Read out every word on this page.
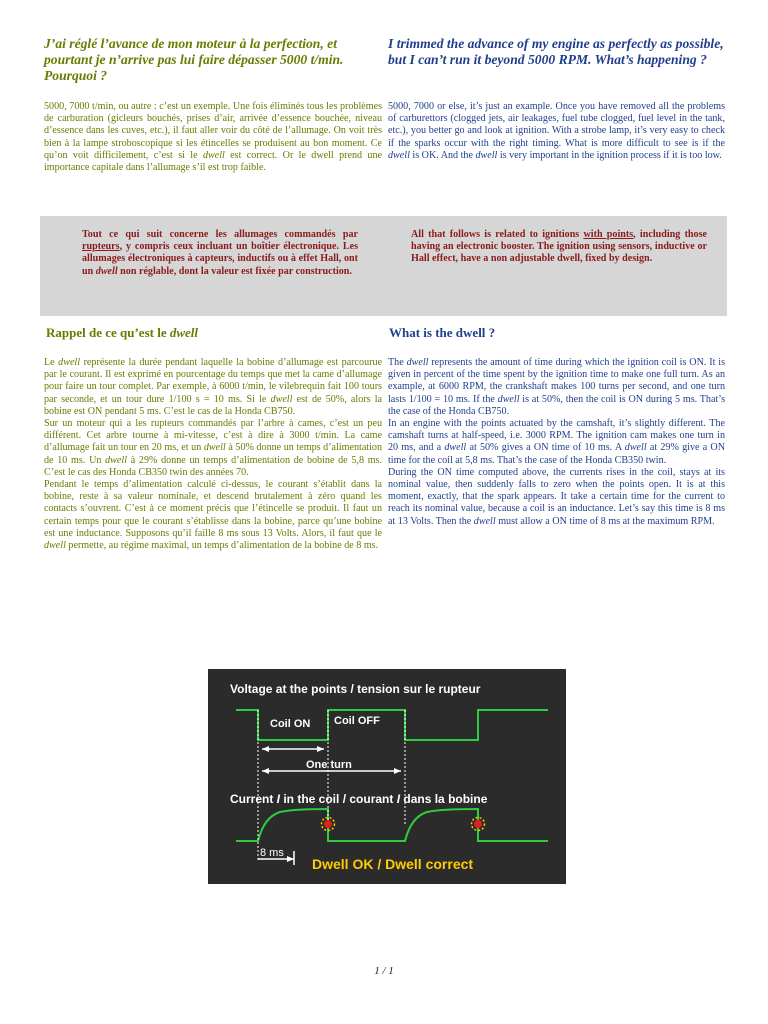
J’ai réglé l’avance de mon moteur à la perfection, et pourtant je n’arrive pas lui faire dépasser 5000 t/min. Pourquoi ?
I trimmed the advance of my engine as perfectly as possible, but I can’t run it beyond 5000 RPM. What’s happening ?

5000, 7000 t/min, ou autre : c’est un exemple. Une fois éliminés tous les problèmes de carburation (gicleurs bouchés, prises d’air, arrivée d’essence bouchée, niveau d’essence dans les cuves, etc.), il faut aller voir du côté de l’allumage. On voit très bien à la lampe stroboscopique si les étincelles se produisent au bon moment. Ce qu’on voit difficilement, c’est si le dwell est correct. Or le dwell prend une importance capitale dans l’allumage s’il est trop faible.

5000, 7000 or else, it’s just an example. Once you have removed all the problems of carburettors (clogged jets, air leakages, fuel tube clogged, fuel level in the tank, etc.), you better go and look at ignition. With a strobe lamp, it’s very easy to check if the sparks occur with the right timing. What is more difficult to see is if the dwell is OK. And the dwell is very important in the ignition process if it is too low.

Tout ce qui suit concerne les allumages commandés par rupteurs, y compris ceux incluant un boîtier électronique. Les allumages électroniques à capteurs, inductifs ou à effet Hall, ont un dwell non réglable, dont la valeur est fixée par construction.
All that follows is related to ignitions with points, including those having an electronic booster. The ignition using sensors, inductive or Hall effect, have a non adjustable dwell, fixed by design.
Rappel de ce qu’est le dwell	What is the dwell ?

Le dwell représente la durée pendant laquelle la bobine d’allumage est parcourue par le courant. Il est exprimé en pourcentage du temps que met la came d’allumage pour faire un tour complet. Par exemple, à 6000 t/min, le vilebrequin fait 100 tours par seconde, et un tour dure 1/100 s = 10 ms. Si le dwell est de 50%, alors la bobine est ON pendant 5 ms. C’est le cas de la Honda CB750.

Sur un moteur qui a les rupteurs commandés par l’arbre à cames, c’est un peu différent. Cet arbre tourne à mi-vitesse, c’est à dire à 3000 t/min. La came d’allumage fait un tour en 20 ms, et un dwell à 50% donne un temps d’alimentation de 10 ms. Un dwell à 29% donne un temps d’alimentation de bobine de 5,8 ms. C’est le cas des Honda CB350 twin des années 70.

Pendant le temps d’alimentation calculé ci-dessus, le courant s’établit dans la bobine, reste à sa valeur nominale, et descend brutalement à zéro quand les contacts s’ouvrent. C’est à ce moment précis que l’étincelle se produit. Il faut un certain temps pour que le courant s’établisse dans la bobine, parce qu’une bobine est une inductance. Supposons qu’il faille 8 ms sous 13 Volts. Alors, il faut que le dwell permette, au régime maximal, un temps d’alimentation de la bobine de 8 ms.

The dwell represents the amount of time during which the ignition coil is ON. It is given in percent of the time spent by the ignition time to make one full turn. As an example, at 6000 RPM, the crankshaft makes 100 turns per second, and one turn lasts 1/100 = 10 ms. If the dwell is at 50%, then the coil is ON during 5 ms. That’s the case of the Honda CB750.

In an engine with the points actuated by the camshaft, it’s slightly different. The camshaft turns at half-speed, i.e. 3000 RPM. The ignition cam makes one turn in 20 ms, and a dwell at 50% gives a ON time of 10 ms. A dwell at 29% give a ON time for the coil at 5,8 ms. That’s the case of the Honda CB350 twin.

During the ON time computed above, the currents rises in the coil, stays at its nominal value, then suddenly falls to zero when the points open. It is at this moment, exactly, that the spark appears. It take a certain time for the current to reach its nominal value, because a coil is an inductance. Let’s say this time is 8 ms at 13 Volts. Then the dwell must allow a ON time of 8 ms at the maximum RPM.

Voltage at the points / tension sur le rupteur
Coil ON Coil OFF
One turn
Current I in the coil / courant I dans la bobine
8 ms
Dwell OK / Dwell correct
1 / 1
